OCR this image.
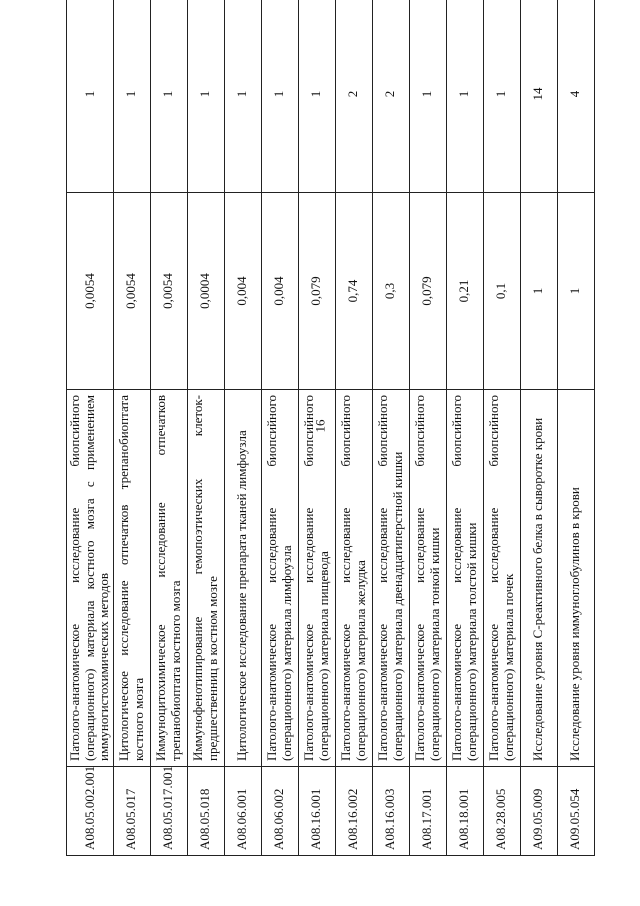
16
A08.05.002.001	Патолого-анатомическое исследование биопсийного (операционного) материала костного мозга с применением иммуногистохимических методов	0,0054	1
A08.05.017	Цитологическое исследование отпечатков трепанобиоптата костного мозга	0,0054	1
A08.05.017.001	Иммуноцитохимическое исследование отпечатков трепанобиоптата костного мозга	0,0054	1
A08.05.018	Иммунофенотипирование гемопоэтических клеток-предшественниц в костном мозге	0,0004	1
A08.06.001	Цитологическое исследование препарата тканей лимфоузла	0,004	1
A08.06.002	Патолого-анатомическое исследование биопсийного (операционного) материала лимфоузла	0,004	1
A08.16.001	Патолого-анатомическое исследование биопсийного (операционного) материала пищевода	0,079	1
A08.16.002	Патолого-анатомическое исследование биопсийного (операционного) материала желудка	0,74	2
A08.16.003	Патолого-анатомическое исследование биопсийного (операционного) материала двенадцатиперстной кишки	0,3	2
A08.17.001	Патолого-анатомическое исследование биопсийного (операционного) материала тонкой кишки	0,079	1
A08.18.001	Патолого-анатомическое исследование биопсийного (операционного) материала толстой кишки	0,21	1
A08.28.005	Патолого-анатомическое исследование биопсийного (операционного) материала почек	0,1	1
A09.05.009	Исследование уровня С-реактивного белка в сыворотке крови	1	14
A09.05.054	Исследование уровня иммуноглобулинов в крови	1	4
